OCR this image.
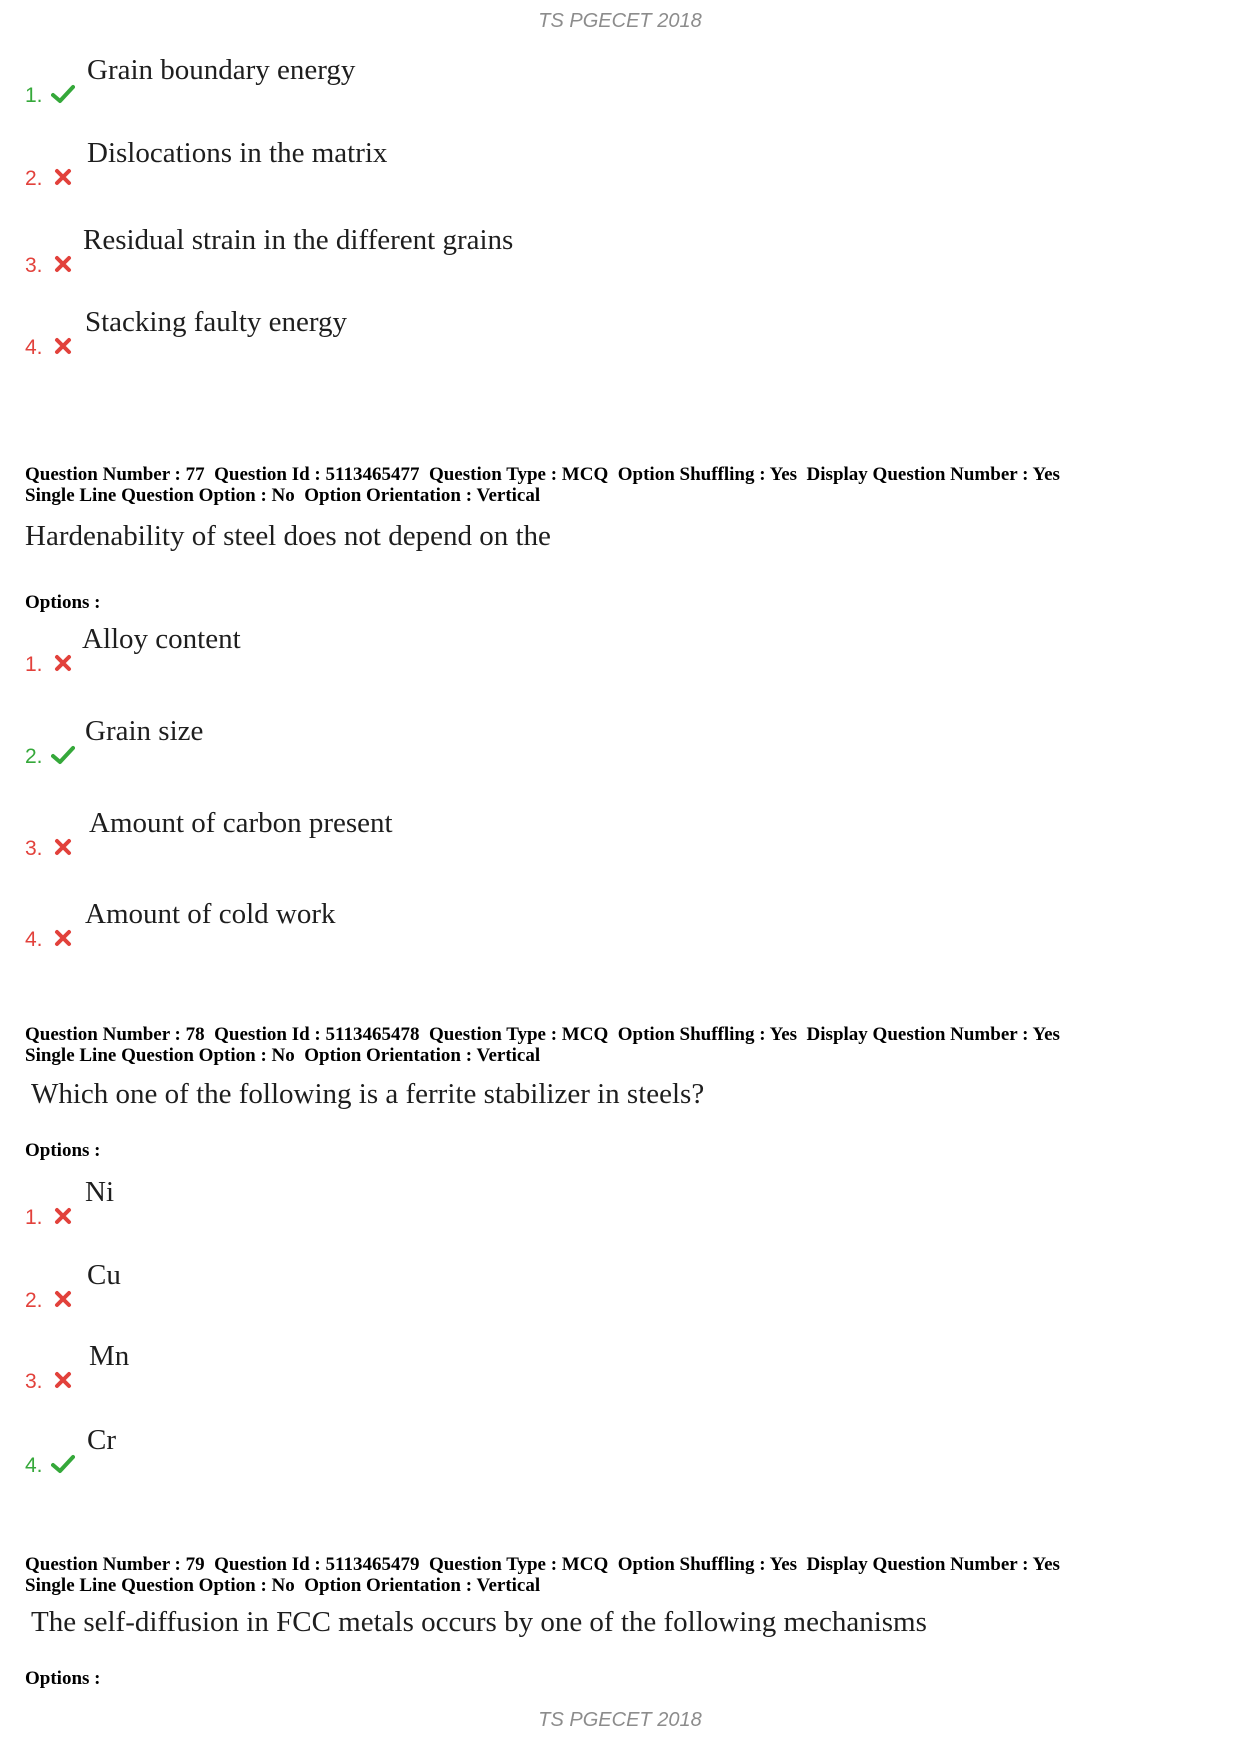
TS PGECET 2018
1.
Grain boundary energy
2.
Dislocations in the matrix
3.
Residual strain in the different grains
4.
Stacking faulty energy
Question Number : 77  Question Id : 5113465477  Question Type : MCQ  Option Shuffling : Yes  Display Question Number : Yes
Single Line Question Option : No  Option Orientation : Vertical
Hardenability of steel does not depend on the
Options :
1.
Alloy content
2.
Grain size
3.
Amount of carbon present
4.
Amount of cold work
Question Number : 78  Question Id : 5113465478  Question Type : MCQ  Option Shuffling : Yes  Display Question Number : Yes
Single Line Question Option : No  Option Orientation : Vertical
Which one of the following is a ferrite stabilizer in steels?
Options :
1.
Ni
2.
Cu
3.
Mn
4.
Cr
Question Number : 79  Question Id : 5113465479  Question Type : MCQ  Option Shuffling : Yes  Display Question Number : Yes
Single Line Question Option : No  Option Orientation : Vertical
The self-diffusion in FCC metals occurs by one of the following mechanisms
Options :
TS PGECET 2018
